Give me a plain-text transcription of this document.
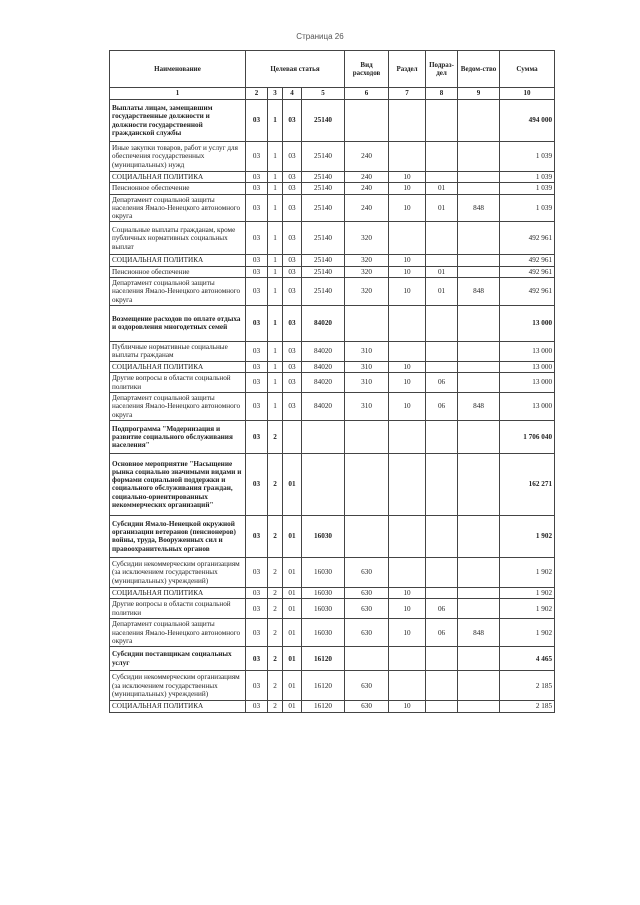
Страница 26
Наименование	Целевая статья				Вид расходов	Раздел	Подраз-дел	Ведом-ство	Сумма
1	2	3	4	5	6	7	8	9	10
Выплаты лицам, замещавшим государственные должности и должности государственной гражданской службы	03	1	03	25140					494 000
Иные закупки товаров, работ и услуг для обеспечения государственных (муниципальных) нужд	03	1	03	25140	240				1 039
СОЦИАЛЬНАЯ ПОЛИТИКА	03	1	03	25140	240	10			1 039
Пенсионное обеспечение	03	1	03	25140	240	10	01		1 039
Департамент социальной защиты населения Ямало-Ненецкого автономного округа	03	1	03	25140	240	10	01	848	1 039
Социальные выплаты гражданам, кроме публичных нормативных социальных выплат	03	1	03	25140	320				492 961
СОЦИАЛЬНАЯ ПОЛИТИКА	03	1	03	25140	320	10			492 961
Пенсионное обеспечение	03	1	03	25140	320	10	01		492 961
Департамент социальной защиты населения Ямало-Ненецкого автономного округа	03	1	03	25140	320	10	01	848	492 961
Возмещение расходов по оплате отдыха и оздоровления многодетных семей	03	1	03	84020					13 000
Публичные нормативные социальные выплаты гражданам	03	1	03	84020	310				13 000
СОЦИАЛЬНАЯ ПОЛИТИКА	03	1	03	84020	310	10			13 000
Другие вопросы в области социальной политики	03	1	03	84020	310	10	06		13 000
Департамент социальной защиты населения Ямало-Ненецкого автономного округа	03	1	03	84020	310	10	06	848	13 000
Подпрограмма "Модернизация и развитие социального обслуживания населения"	03	2							1 706 040
Основное мероприятие "Насыщение рынка социально значимыми видами и формами социальной поддержки и социального обслуживания граждан, социально-ориентированных некоммерческих организаций"	03	2	01						162 271
Субсидии Ямало-Ненецкой окружной организации ветеранов (пенсионеров) войны, труда, Вооруженных сил и правоохранительных органов	03	2	01	16030					1 902
Субсидии некоммерческим организациям (за исключением государственных (муниципальных) учреждений)	03	2	01	16030	630				1 902
СОЦИАЛЬНАЯ ПОЛИТИКА	03	2	01	16030	630	10			1 902
Другие вопросы в области социальной политики	03	2	01	16030	630	10	06		1 902
Департамент социальной защиты населения Ямало-Ненецкого автономного округа	03	2	01	16030	630	10	06	848	1 902
Субсидии поставщикам социальных услуг	03	2	01	16120					4 465
Субсидии некоммерческим организациям (за исключением государственных (муниципальных) учреждений)	03	2	01	16120	630				2 185
СОЦИАЛЬНАЯ ПОЛИТИКА	03	2	01	16120	630	10			2 185
